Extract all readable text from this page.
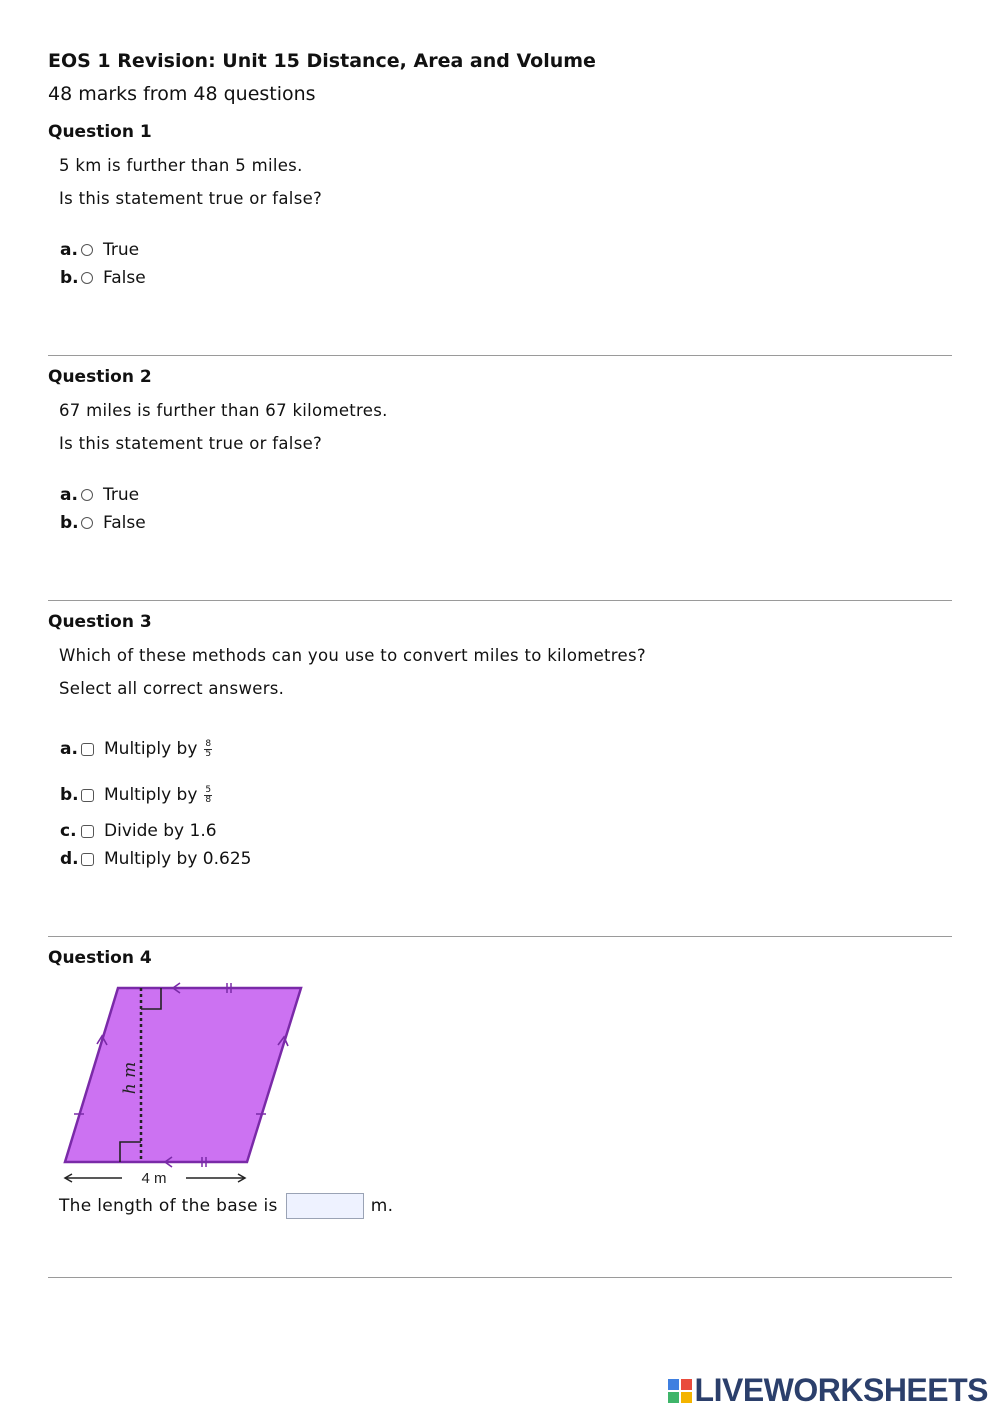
EOS 1 Revision: Unit 15 Distance, Area and Volume
48 marks from 48 questions
Question 1

5 km is further than 5 miles.

Is this statement true or false?

a. True
b. False
Question 2

67 miles is further than 67 kilometres.

Is this statement true or false?

a. True
b. False
Question 3

Which of these methods can you use to convert miles to kilometres?

Select all correct answers.

a. Multiply by $\frac{8}{5}$
b. Multiply by $\frac{5}{8}$
c. Divide by 1.6
d. Multiply by 0.625
Question 4
h m
4 m
The length of the base is	m.
LIVEWORKSHEETS
